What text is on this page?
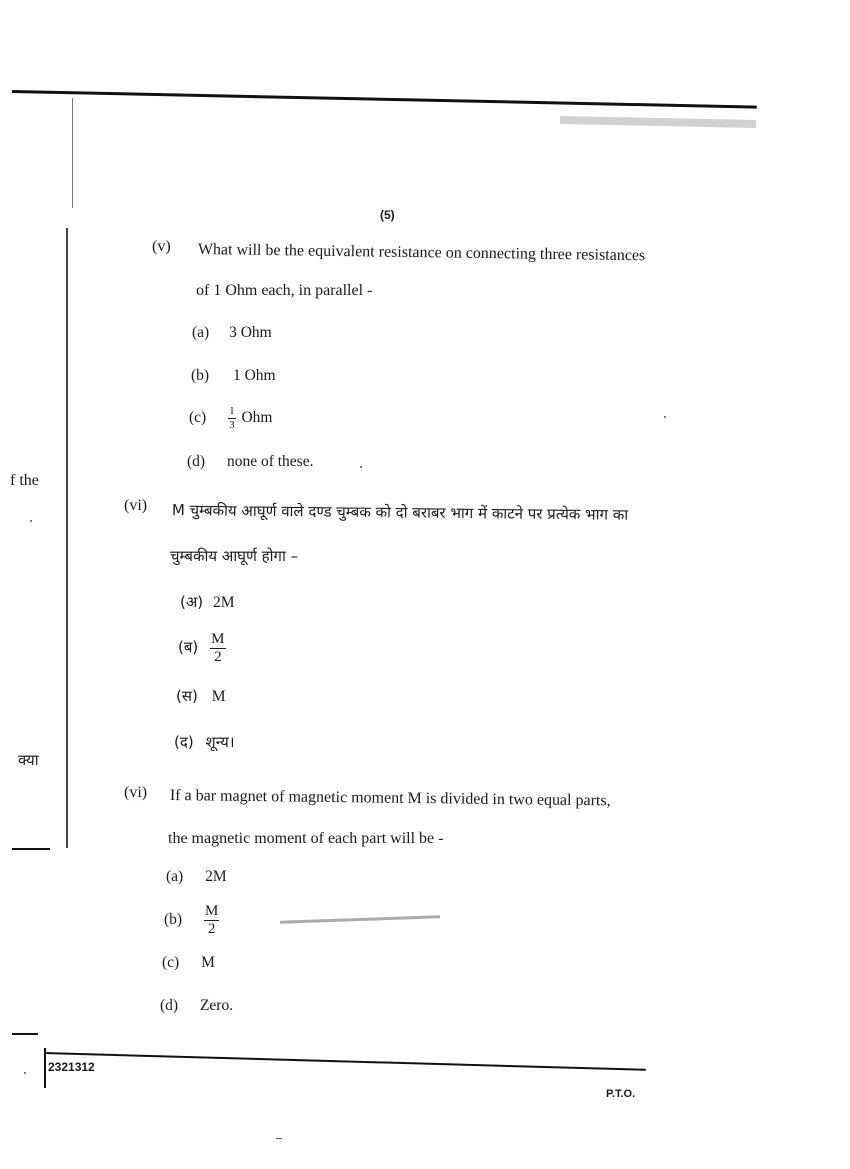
f the
क्या
(5)
(v) What will be the equivalent resistance on connecting three resistances
of 1 Ohm each, in parallel -
(a) 3 Ohm
(b) 1 Ohm
$(c) \frac{1}{3}$ Ohm
(d) none of these.
(vi) M चुम्बकीय आघूर्ण वाले दण्ड चुम्बक को दो बराबर भाग में काटने पर प्रत्येक भाग का
चुम्बकीय आघूर्ण होगा –
(अ) 2M
(ब) $\frac{M}{2}$
(स) M
(द) शून्य।
(vi) If a bar magnet of magnetic moment M is divided in two equal parts,
the magnetic moment of each part will be -
(a) 2M
$(b) \frac{M}{2}$
(c) M
(d) Zero.
2321312
P.T.O.
